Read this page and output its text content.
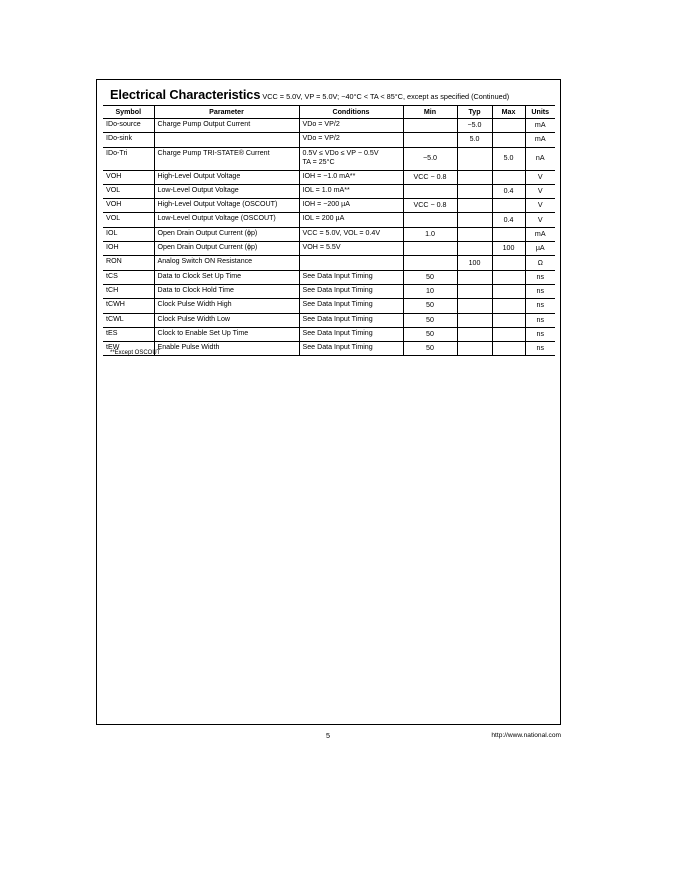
Electrical Characteristics VCC = 5.0V, VP = 5.0V; −40°C < TA < 85°C, except as specified (Continued)
Symbol	Parameter	Conditions	Min	Typ	Max	Units
IDo-source	Charge Pump Output Current	VDo = VP/2		−5.0		mA
IDo-sink		VDo = VP/2		5.0		mA
IDo-Tri	Charge Pump TRI-STATE® Current	0.5V ≤ VDo ≤ VP − 0.5V
TA = 25°C	−5.0		5.0	nA
VOH	High-Level Output Voltage	IOH = −1.0 mA**	VCC − 0.8			V
VOL	Low-Level Output Voltage	IOL = 1.0 mA**			0.4	V
VOH	High-Level Output Voltage (OSCOUT)	IOH = −200 µA	VCC − 0.8			V
VOL	Low-Level Output Voltage (OSCOUT)	IOL = 200 µA			0.4	V
IOL	Open Drain Output Current (ϕp)	VCC = 5.0V, VOL = 0.4V	1.0			mA
IOH	Open Drain Output Current (ϕp)	VOH = 5.5V			100	µA
RON	Analog Switch ON Resistance			100		Ω
tCS	Data to Clock Set Up Time	See Data Input Timing	50			ns
tCH	Data to Clock Hold Time	See Data Input Timing	10			ns
tCWH	Clock Pulse Width High	See Data Input Timing	50			ns
tCWL	Clock Pulse Width Low	See Data Input Timing	50			ns
tES	Clock to Enable Set Up Time	See Data Input Timing	50			ns
tEW	Enable Pulse Width	See Data Input Timing	50			ns
**Except OSCOUT
5	http://www.national.com
